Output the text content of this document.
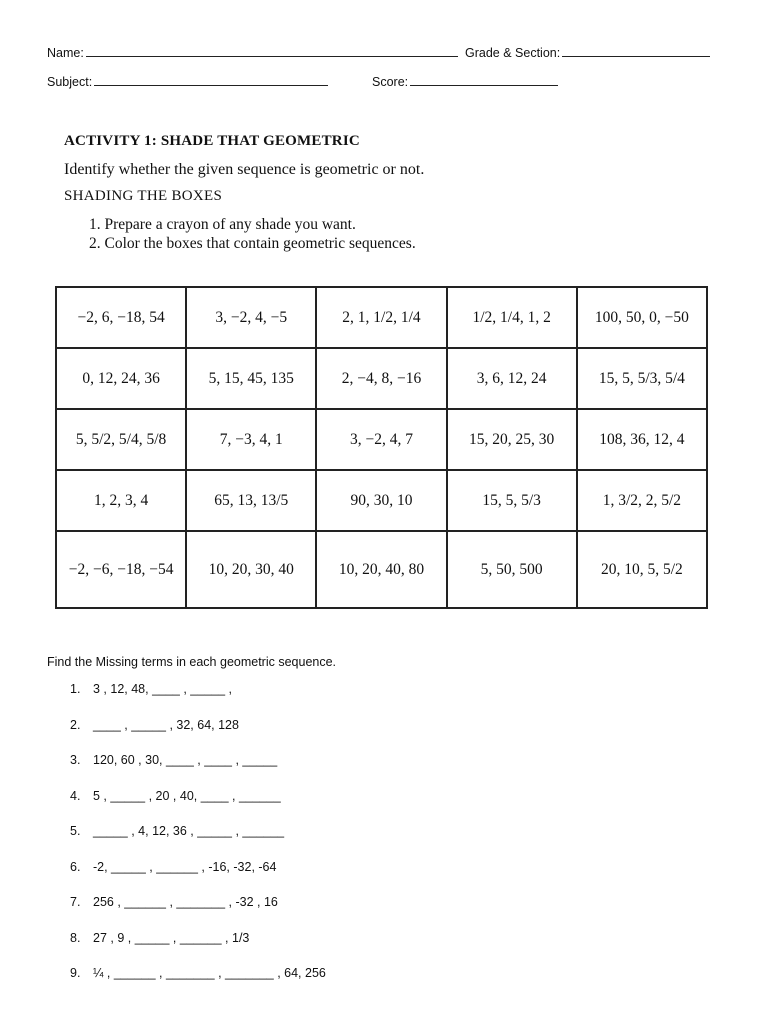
Name:	Grade & Section:
Subject:	Score:
ACTIVITY 1: SHADE THAT GEOMETRIC
Identify whether the given sequence is geometric or not.
SHADING THE BOXES
1. Prepare a crayon of any shade you want.
2. Color the boxes that contain geometric sequences.
−2, 6, −18, 54	3, −2, 4, −5	2, 1, 1/2, 1/4	1/2, 1/4, 1, 2	100, 50, 0, −50
0, 12, 24, 36	5, 15, 45, 135	2, −4, 8, −16	3, 6, 12, 24	15, 5, 5/3, 5/4
5, 5/2, 5/4, 5/8	7, −3, 4, 1	3, −2, 4, 7	15, 20, 25, 30	108, 36, 12, 4
1, 2, 3, 4	65, 13, 13/5	90, 30, 10	15, 5, 5/3	1, 3/2, 2, 5/2
−2, −6, −18, −54	10, 20, 30, 40	10, 20, 40, 80	5, 50, 500	20, 10, 5, 5/2
Find the Missing terms in each geometric sequence.
1. 3 , 12, 48, ____ , _____ ,
2. ____ , _____ , 32, 64, 128
3. 120, 60 , 30, ____ , ____ , _____
4. 5 , _____ , 20 , 40, ____ , ______
5. _____ , 4, 12, 36 , _____ , ______
6. -2, _____ , ______ , -16, -32, -64
7. 256 , ______ , _______ , -32 , 16
8. 27 , 9 , _____ , ______ , 1/3
9. ¼ , ______ , _______ , _______ , 64, 256
